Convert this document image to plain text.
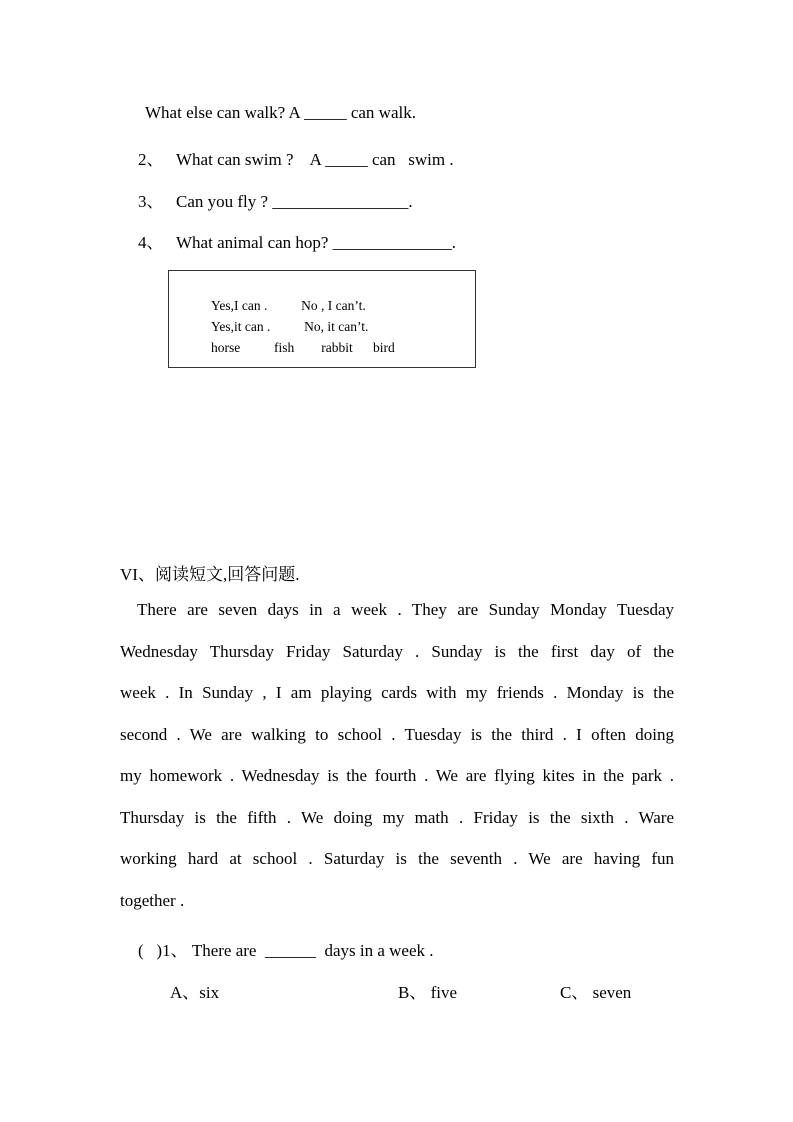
What else can walk? A _____ can walk.
2、 What can swim ?    A _____ can   swim .
3、 Can you fly ? ________________.
4、 What animal can hop? ______________.
Yes,I can .          No , I can’t.
Yes,it can .          No, it can’t.
horse          fish        rabbit      bird
VI、阅读短文,回答问题.
There are seven days in a week . They are Sunday Monday Tuesday
Wednesday Thursday Friday Saturday . Sunday is the first day of the
week . In Sunday , I am playing cards with my friends . Monday is the
second . We are walking to school . Tuesday is the third . I often doing
my homework . Wednesday is the fourth . We are flying kites in the park .
Thursday is the fifth . We doing my math . Friday is the sixth . Ware
working hard at school . Saturday is the seventh . We are having fun
together .
(   )1、 There are  ______  days in a week .
A、six	B、 five	C、 seven
